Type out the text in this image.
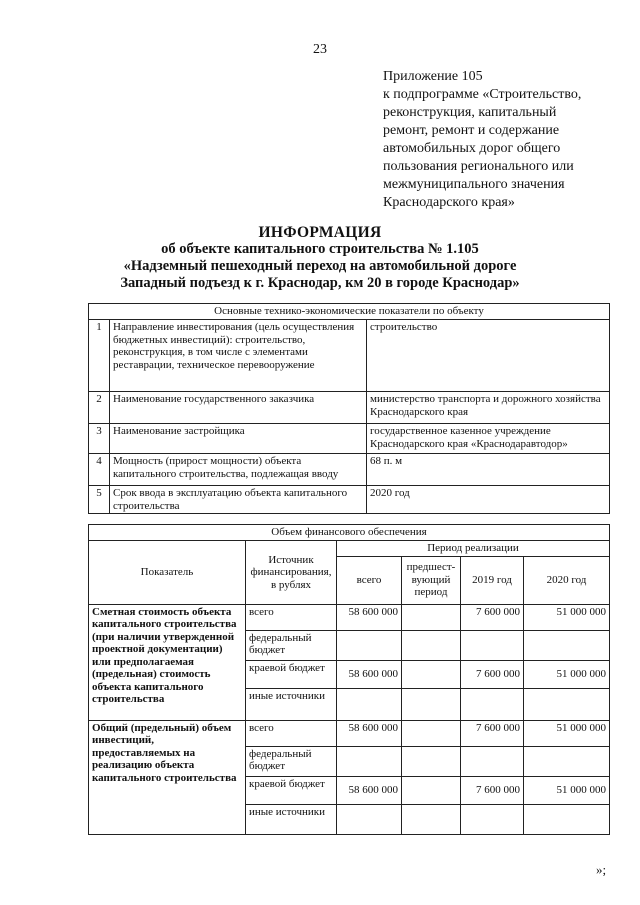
23
Приложение 105
к подпрограмме «Строительство,
реконструкция, капитальный
ремонт, ремонт и содержание
автомобильных дорог общего
пользования регионального или
межмуниципального значения
Краснодарского края»
ИНФОРМАЦИЯ
об объекте капитального строительства № 1.105
«Надземный пешеходный переход на автомобильной дороге
Западный подъезд к г. Краснодар, км 20 в городе Краснодар»
Основные технико-экономические показатели по объекту		
1	Направление инвестирования (цель осуществления бюджетных инвестиций): строительство, реконструкция, в том числе с элементами реставрации, техническое перевооружение	строительство
2	Наименование государственного заказчика	министерство транспорта и дорожного хозяйства Краснодарского края
3	Наименование застройщика	государственное казенное учреждение Краснодарского края «Краснодаравтодор»
4	Мощность (прирост мощности) объекта капитального строительства, подлежащая вводу	68 п. м
5	Срок ввода в эксплуатацию объекта капитального строительства	2020 год
Объем финансового обеспечения					
Показатель	Источник финансирования, в рублях	Период реализации			
		всего	предшест-вующий период	2019 год	2020 год
Сметная стоимость объекта капитального строительства (при наличии утвержденной проектной документации) или предполагаемая (предельная) стоимость объекта капитального строительства	всего	58 600 000		7 600 000	51 000 000
	федеральный бюджет				
	краевой бюджет	58 600 000		7 600 000	51 000 000
	иные источники				
Общий (предельный) объем инвестиций, предоставляемых на реализацию объекта капитального строительства	всего	58 600 000		7 600 000	51 000 000
	федеральный бюджет				
	краевой бюджет	58 600 000		7 600 000	51 000 000
	иные источники				
»;
